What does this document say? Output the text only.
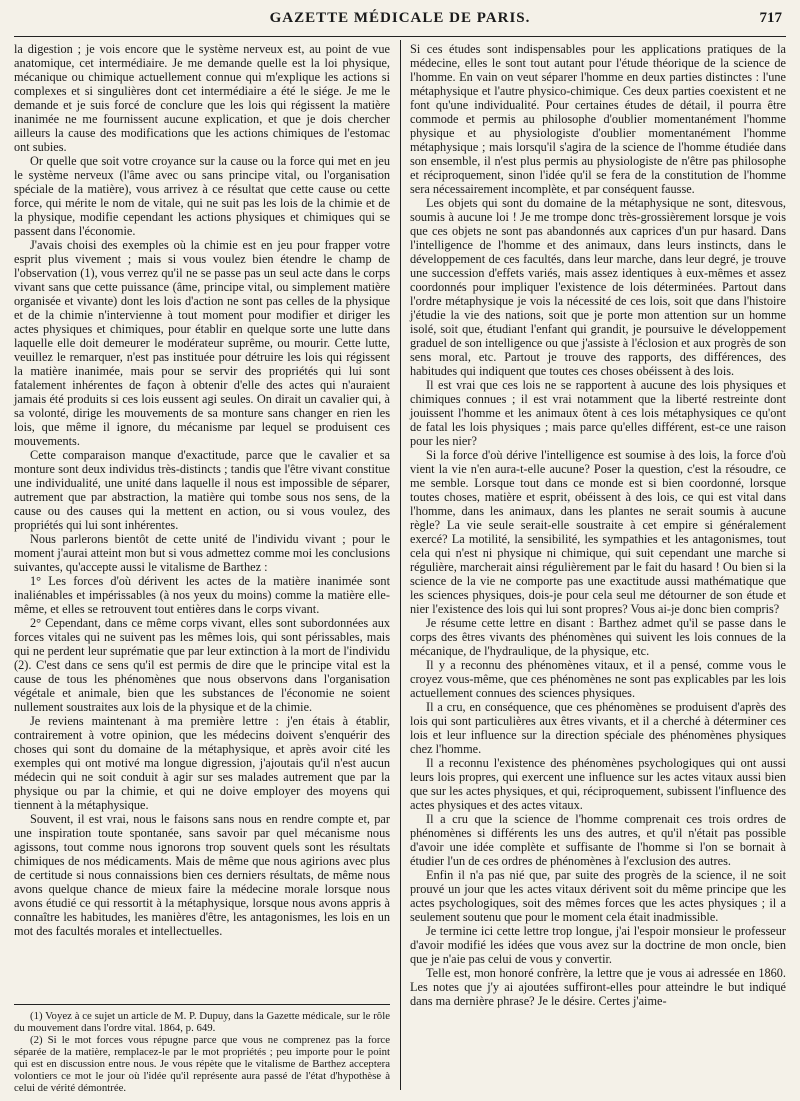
GAZETTE MÉDICALE DE PARIS.	717

la digestion ; je vois encore que le système nerveux est, au point de vue anatomique, cet intermédiaire. Je me demande quelle est la loi physique, mécanique ou chimique actuellement connue qui m'explique les actions si complexes et si singulières dont cet intermédiaire a été le siége. Je me le demande et je suis forcé de conclure que les lois qui régissent la matière inanimée ne me fournissent aucune explication, et que je dois chercher ailleurs la cause des modifications que les actions chimiques de l'estomac ont subies.

Or quelle que soit votre croyance sur la cause ou la force qui met en jeu le système nerveux (l'âme avec ou sans principe vital, ou l'organisation spéciale de la matière), vous arrivez à ce résultat que cette cause ou cette force, qui mérite le nom de vitale, qui ne suit pas les lois de la chimie et de la physique, modifie cependant les actions physiques et chimiques qui se passent dans l'économie.

J'avais choisi des exemples où la chimie est en jeu pour frapper votre esprit plus vivement ; mais si vous voulez bien étendre le champ de l'observation (1), vous verrez qu'il ne se passe pas un seul acte dans le corps vivant sans que cette puissance (âme, principe vital, ou simplement matière organisée et vivante) dont les lois d'action ne sont pas celles de la physique et de la chimie n'intervienne à tout moment pour modifier et diriger les actes physiques et chimiques, pour établir en quelque sorte une lutte dans laquelle elle doit demeurer le modérateur suprême, ou mourir. Cette lutte, veuillez le remarquer, n'est pas instituée pour détruire les lois qui régissent la matière inanimée, mais pour se servir des propriétés qui lui sont fatalement inhérentes de façon à obtenir d'elle des actes qui n'auraient jamais été produits si ces lois eussent agi seules. On dirait un cavalier qui, à sa volonté, dirige les mouvements de sa monture sans changer en rien les lois, que même il ignore, du mécanisme par lequel se produisent ces mouvements.

Cette comparaison manque d'exactitude, parce que le cavalier et sa monture sont deux individus très-distincts ; tandis que l'être vivant constitue une individualité, une unité dans laquelle il nous est impossible de séparer, autrement que par abstraction, la matière qui tombe sous nos sens, de la cause ou des causes qui la mettent en action, ou si vous voulez, des propriétés qui lui sont inhérentes.

Nous parlerons bientôt de cette unité de l'individu vivant ; pour le moment j'aurai atteint mon but si vous admettez comme moi les conclusions suivantes, qu'accepte aussi le vitalisme de Barthez :

1° Les forces d'où dérivent les actes de la matière inanimée sont inaliénables et impérissables (à nos yeux du moins) comme la matière elle-même, et elles se retrouvent tout entières dans le corps vivant.

2° Cependant, dans ce même corps vivant, elles sont subordonnées aux forces vitales qui ne suivent pas les mêmes lois, qui sont périssables, mais qui ne perdent leur suprématie que par leur extinction à la mort de l'individu (2). C'est dans ce sens qu'il est permis de dire que le principe vital est la cause de tous les phénomènes que nous observons dans l'organisation végétale et animale, bien que les substances de l'économie ne soient nullement soustraites aux lois de la physique et de la chimie.

Je reviens maintenant à ma première lettre : j'en étais à établir, contrairement à votre opinion, que les médecins doivent s'enquérir des choses qui sont du domaine de la métaphysique, et après avoir cité les exemples qui ont motivé ma longue digression, j'ajoutais qu'il n'est aucun médecin qui ne soit conduit à agir sur ses malades autrement que par la physique ou par la chimie, et qui ne doive employer des moyens qui tiennent à la métaphysique.

Souvent, il est vrai, nous le faisons sans nous en rendre compte et, par une inspiration toute spontanée, sans savoir par quel mécanisme nous agissons, tout comme nous ignorons trop souvent quels sont les résultats chimiques de nos médicaments. Mais de même que nous agirions avec plus de certitude si nous connaissions bien ces derniers résultats, de même nous avons quelque chance de mieux faire la médecine morale lorsque nous avons étudié ce qui ressortit à la métaphysique, lorsque nous avons appris à connaître les habitudes, les manières d'être, les antagonismes, les lois en un mot des facultés morales et intellectuelles.

(1) Voyez à ce sujet un article de M. P. Dupuy, dans la Gazette médicale, sur le rôle du mouvement dans l'ordre vital. 1864, p. 649.

(2) Si le mot forces vous répugne parce que vous ne comprenez pas la force séparée de la matière, remplacez-le par le mot propriétés ; peu importe pour le point qui est en discussion entre nous. Je vous répète que le vitalisme de Barthez acceptera volontiers ce mot le jour où l'idée qu'il représente aura passé de l'état d'hypothèse à celui de vérité démontrée.

Si ces études sont indispensables pour les applications pratiques de la médecine, elles le sont tout autant pour l'étude théorique de la science de l'homme. En vain on veut séparer l'homme en deux parties distinctes : l'une métaphysique et l'autre physico-chimique. Ces deux parties coexistent et ne font qu'une individualité. Pour certaines études de détail, il pourra être commode et permis au philosophe d'oublier momentanément l'homme physique et au physiologiste d'oublier momentanément l'homme métaphysique ; mais lorsqu'il s'agira de la science de l'homme étudiée dans son ensemble, il n'est plus permis au physiologiste de n'être pas philosophe et réciproquement, sinon l'idée qu'il se fera de la constitution de l'homme sera nécessairement incomplète, et par conséquent fausse.

Les objets qui sont du domaine de la métaphysique ne sont, ditesvous, soumis à aucune loi ! Je me trompe donc très-grossièrement lorsque je vois que ces objets ne sont pas abandonnés aux caprices d'un pur hasard. Dans l'intelligence de l'homme et des animaux, dans leurs instincts, dans le développement de ces facultés, dans leur marche, dans leur degré, je trouve une succession d'effets variés, mais assez identiques à eux-mêmes et assez coordonnés pour impliquer l'existence de lois déterminées. Partout dans l'ordre métaphysique je vois la nécessité de ces lois, soit que dans l'histoire j'étudie la vie des nations, soit que je porte mon attention sur un homme isolé, soit que, étudiant l'enfant qui grandit, je poursuive le développement graduel de son intelligence ou que j'assiste à l'éclosion et aux progrès de son sens moral, etc. Partout je trouve des rapports, des différences, des habitudes qui indiquent que toutes ces choses obéissent à des lois.

Il est vrai que ces lois ne se rapportent à aucune des lois physiques et chimiques connues ; il est vrai notamment que la liberté restreinte dont jouissent l'homme et les animaux ôtent à ces lois métaphysiques ce qu'ont de fatal les lois physiques ; mais parce qu'elles différent, est-ce une raison pour les nier?

Si la force d'où dérive l'intelligence est soumise à des lois, la force d'où vient la vie n'en aura-t-elle aucune? Poser la question, c'est la résoudre, ce me semble. Lorsque tout dans ce monde est si bien coordonné, lorsque toutes choses, matière et esprit, obéissent à des lois, ce qui est vital dans l'homme, dans les animaux, dans les plantes ne serait soumis à aucune règle? La vie seule serait-elle soustraite à cet empire si généralement exercé? La motilité, la sensibilité, les sympathies et les antagonismes, tout cela qui n'est ni physique ni chimique, qui suit cependant une marche si régulière, marcherait ainsi régulièrement par le fait du hasard ! Ou bien si la science de la vie ne comporte pas une exactitude aussi mathématique que les sciences physiques, dois-je pour cela seul me détourner de son étude et nier l'existence des lois qui lui sont propres? Vous ai-je donc bien compris?

Je résume cette lettre en disant : Barthez admet qu'il se passe dans le corps des êtres vivants des phénomènes qui suivent les lois connues de la mécanique, de l'hydraulique, de la physique, etc.

Il y a reconnu des phénomènes vitaux, et il a pensé, comme vous le croyez vous-même, que ces phénomènes ne sont pas explicables par les lois actuellement connues des sciences physiques.

Il a cru, en conséquence, que ces phénomènes se produisent d'après des lois qui sont particulières aux êtres vivants, et il a cherché à déterminer ces lois et leur influence sur la direction spéciale des phénomènes physiques chez l'homme.

Il a reconnu l'existence des phénomènes psychologiques qui ont aussi leurs lois propres, qui exercent une influence sur les actes vitaux aussi bien que sur les actes physiques, et qui, réciproquement, subissent l'influence des actes physiques et des actes vitaux.

Il a cru que la science de l'homme comprenait ces trois ordres de phénomènes si différents les uns des autres, et qu'il n'était pas possible d'avoir une idée complète et suffisante de l'homme si l'on se bornait à étudier l'un de ces ordres de phénomènes à l'exclusion des autres.

Enfin il n'a pas nié que, par suite des progrès de la science, il ne soit prouvé un jour que les actes vitaux dérivent soit du même principe que les actes psychologiques, soit des mêmes forces que les actes physiques ; il a seulement soutenu que pour le moment cela était inadmissible.

Je termine ici cette lettre trop longue, j'ai l'espoir monsieur le professeur d'avoir modifié les idées que vous avez sur la doctrine de mon oncle, bien que je n'aie pas celui de vous y convertir.

Telle est, mon honoré confrère, la lettre que je vous ai adressée en 1860. Les notes que j'y ai ajoutées suffiront-elles pour atteindre le but indiqué dans ma dernière phrase? Je le désire. Certes j'aime-
